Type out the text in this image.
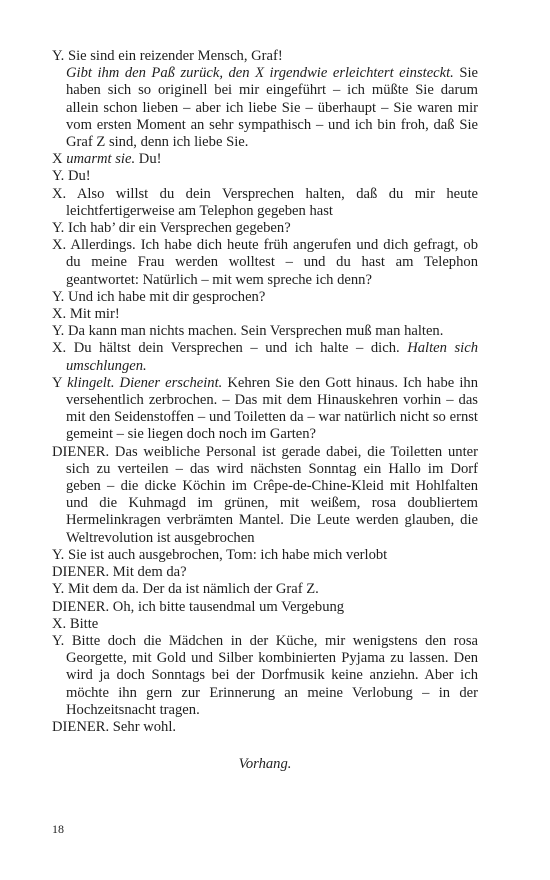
Y. Sie sind ein reizender Mensch, Graf!

Gibt ihm den Paß zurück, den X irgendwie erleichtert einsteckt. Sie haben sich so originell bei mir eingeführt – ich müßte Sie darum allein schon lieben – aber ich liebe Sie – überhaupt – Sie waren mir vom ersten Moment an sehr sympathisch – und ich bin froh, daß Sie Graf Z sind, denn ich liebe Sie.

X umarmt sie. Du!

Y. Du!

X. Also willst du dein Versprechen halten, daß du mir heute leichtfertigerweise am Telephon gegeben hast

Y. Ich hab’ dir ein Versprechen gegeben?

X. Allerdings. Ich habe dich heute früh angerufen und dich gefragt, ob du meine Frau werden wolltest – und du hast am Telephon geantwortet: Natürlich – mit wem spreche ich denn?

Y. Und ich habe mit dir gesprochen?

X. Mit mir!

Y. Da kann man nichts machen. Sein Versprechen muß man halten.

X. Du hältst dein Versprechen – und ich halte – dich. Halten sich umschlungen.

Y klingelt. Diener erscheint. Kehren Sie den Gott hinaus. Ich habe ihn versehentlich zerbrochen. – Das mit dem Hinauskehren vorhin – das mit den Seidenstoffen – und Toiletten da – war natürlich nicht so ernst gemeint – sie liegen doch noch im Garten?

DIENER. Das weibliche Personal ist gerade dabei, die Toiletten unter sich zu verteilen – das wird nächsten Sonntag ein Hallo im Dorf geben – die dicke Köchin im Crêpe-de-Chine-Kleid mit Hohlfalten und die Kuhmagd im grünen, mit weißem, rosa doubliertem Hermelinkragen verbrämten Mantel. Die Leute werden glauben, die Weltrevolution ist ausgebrochen

Y. Sie ist auch ausgebrochen, Tom: ich habe mich verlobt

DIENER. Mit dem da?

Y. Mit dem da. Der da ist nämlich der Graf Z.

DIENER. Oh, ich bitte tausendmal um Vergebung

X. Bitte

Y. Bitte doch die Mädchen in der Küche, mir wenigstens den rosa Georgette, mit Gold und Silber kombinierten Pyjama zu lassen. Den wird ja doch Sonntags bei der Dorfmusik keine anziehn. Aber ich möchte ihn gern zur Erinnerung an meine Verlobung – in der Hochzeitsnacht tragen.

DIENER. Sehr wohl.

Vorhang.

18
